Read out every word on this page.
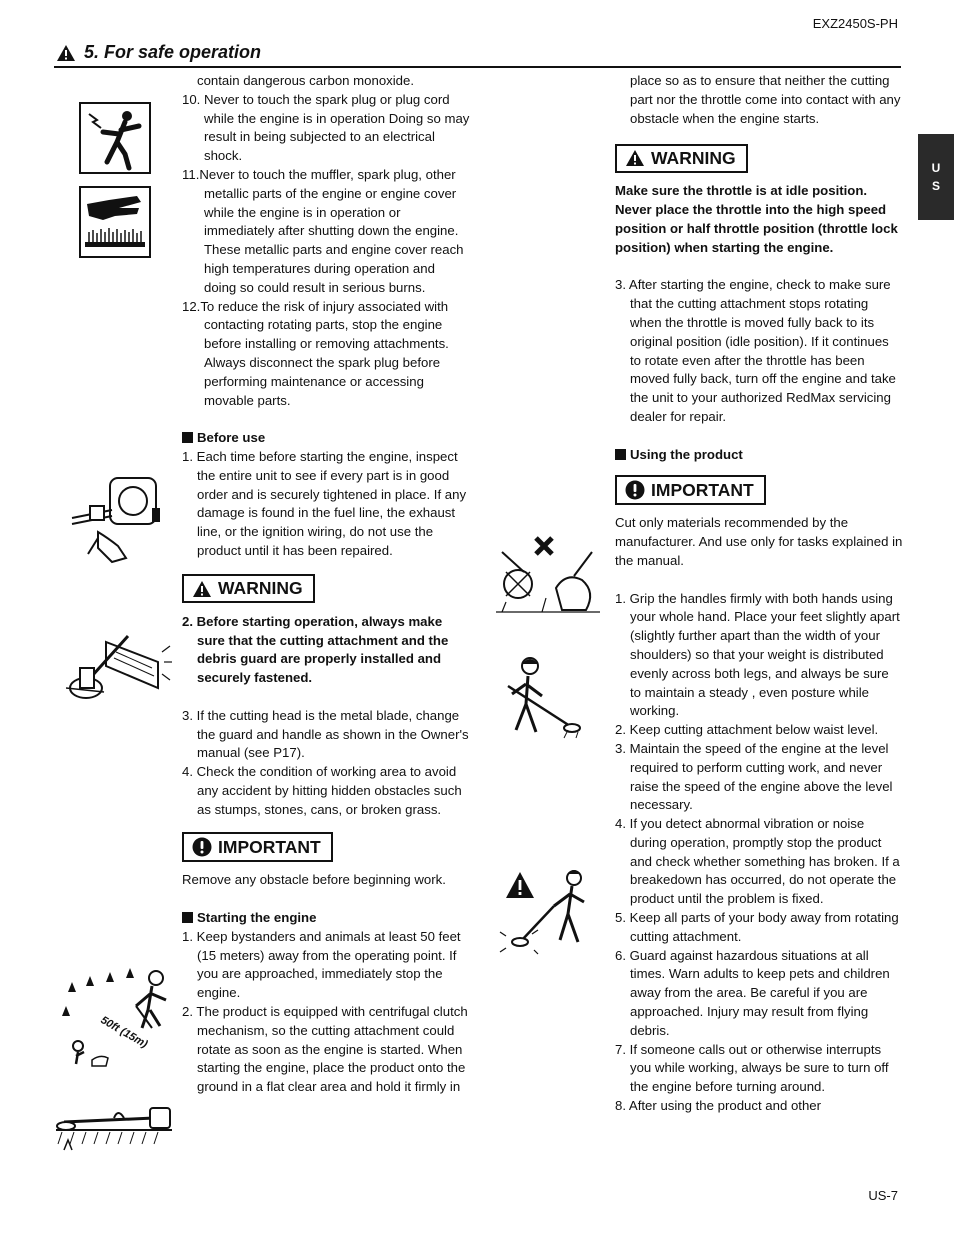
EXZ2450S-PH
5. For safe operation
U
S

contain dangerous carbon monoxide.

10. Never to touch the spark plug or plug cord while the engine is in operation Doing so may result in being subjected to an electrical shock.

11.Never to touch the muffler, spark plug, other metallic parts of the engine or engine cover while the engine is in operation or immediately after shutting down the engine. These metallic parts and engine cover reach high temperatures during operation and doing so could result in serious burns.

12.To reduce the risk of injury associated with contacting rotating parts, stop the engine before installing or removing attachments. Always disconnect the spark plug before performing maintenance or accessing movable parts.

Before use

1. Each time before starting the engine, inspect the entire unit to see if every part is in good order and is securely tightened in place. If any damage is found in the fuel line, the exhaust line, or the ignition wiring, do not use the product until it has been repaired.

WARNING

2. Before starting operation, always make sure that the cutting attachment and the debris guard are properly installed and securely fastened.

3. If the cutting head is the metal blade, change the guard and handle as shown in the Owner's manual (see P17).

4. Check the condition of working area to avoid any accident by hitting hidden obstacles such as stumps, stones, cans, or broken grass.

IMPORTANT

Remove any obstacle before beginning work.

Starting the engine

1. Keep bystanders and animals at least 50 feet (15 meters) away from the operating point. If you are approached, immediately stop the engine.

2. The product is equipped with centrifugal clutch mechanism, so the cutting attachment could rotate as soon as the engine is started. When starting the engine, place the product onto the ground in a flat clear area and hold it firmly in

place so as to ensure that neither the cutting part nor the throttle come into contact with any obstacle when the engine starts.

WARNING

Make sure the throttle is at idle position. Never place the throttle into the high speed position or half throttle position (throttle lock position) when starting the engine.

3. After starting the engine, check to make sure that the cutting attachment stops rotating when the throttle is moved fully back to its original position (idle position). If it continues to rotate even after the throttle has been moved fully back, turn off the engine and take the unit to your authorized RedMax servicing dealer for repair.

Using the product

IMPORTANT

Cut only materials recommended by the manufacturer. And use only for tasks explained in the manual.

1. Grip the handles firmly with both hands using your whole hand. Place your feet slightly apart (slightly further apart than the width of your shoulders) so that your weight is distributed evenly across both legs, and always be sure to maintain a steady , even posture while working.

2. Keep cutting attachment below waist level.

3. Maintain the speed of the engine at the level required to perform cutting work, and never raise the speed of the engine above the level necessary.

4. If you detect abnormal vibration or noise during operation, promptly stop the product and check whether something has broken. If a breakedown has occurred, do not operate the product until the problem is fixed.

5. Keep all parts of your body away from rotating cutting attachment.

6. Guard against hazardous situations at all times. Warn adults to keep pets and children away from the area. Be careful if you are approached. Injury may result from flying debris.

7. If someone calls out or otherwise interrupts you while working, always be sure to turn off the engine before turning around.

8. After using the product and other

50ft (15m)
US-7
